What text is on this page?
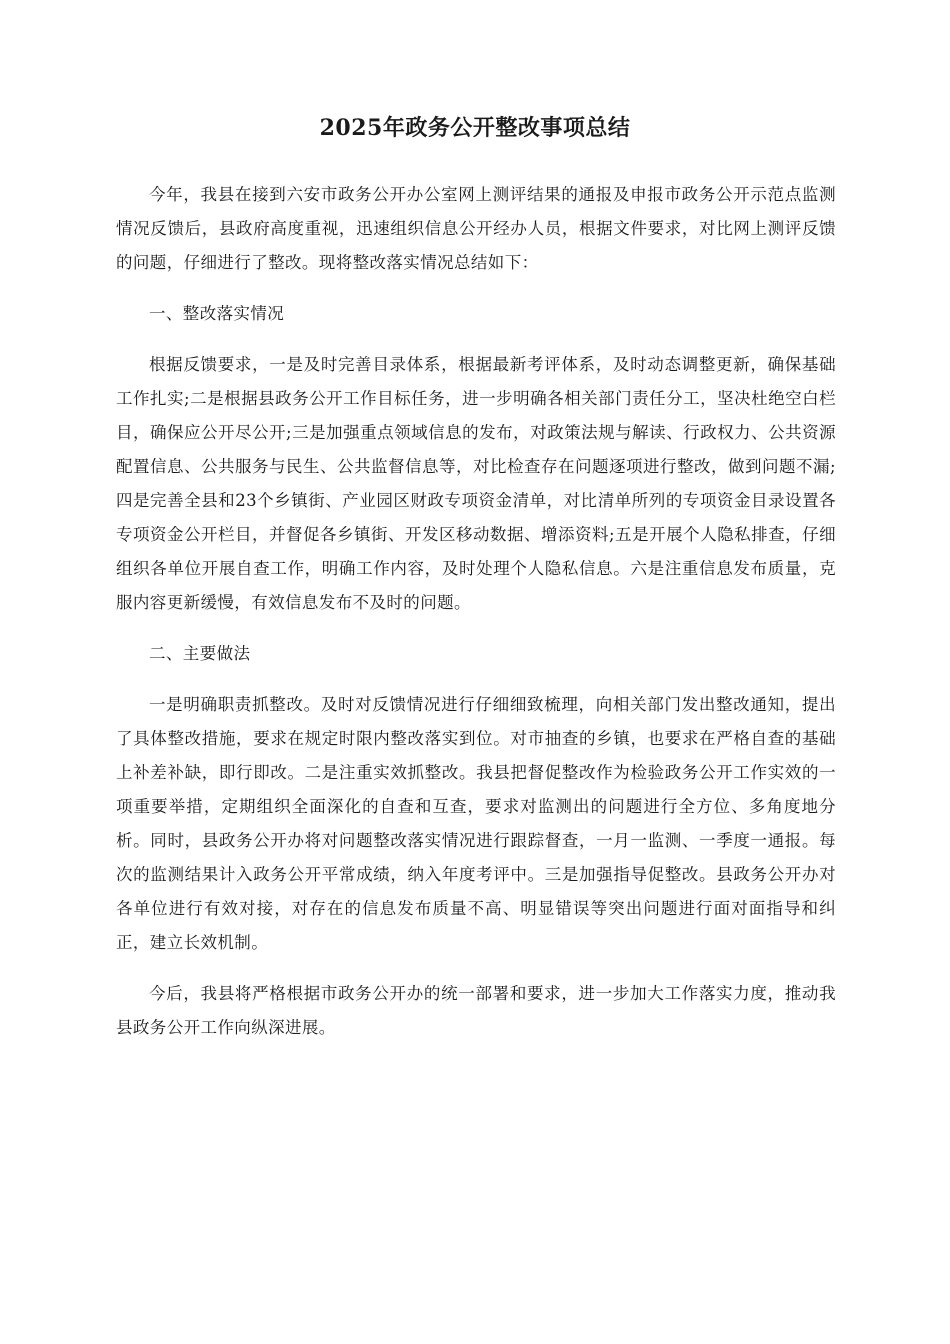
2025年政务公开整改事项总结

今年，我县在接到六安市政务公开办公室网上测评结果的通报及申报市政务公开示范点监测情况反馈后，县政府高度重视，迅速组织信息公开经办人员，根据文件要求，对比网上测评反馈的问题，仔细进行了整改。现将整改落实情况总结如下：

一、整改落实情况

根据反馈要求，一是及时完善目录体系，根据最新考评体系，及时动态调整更新，确保基础工作扎实;二是根据县政务公开工作目标任务，进一步明确各相关部门责任分工，坚决杜绝空白栏目，确保应公开尽公开;三是加强重点领域信息的发布，对政策法规与解读、行政权力、公共资源配置信息、公共服务与民生、公共监督信息等，对比检查存在问题逐项进行整改，做到问题不漏;四是完善全县和23个乡镇街、产业园区财政专项资金清单，对比清单所列的专项资金目录设置各专项资金公开栏目，并督促各乡镇街、开发区移动数据、增添资料;五是开展个人隐私排查，仔细组织各单位开展自查工作，明确工作内容，及时处理个人隐私信息。六是注重信息发布质量，克服内容更新缓慢，有效信息发布不及时的问题。

二、主要做法

一是明确职责抓整改。及时对反馈情况进行仔细细致梳理，向相关部门发出整改通知，提出了具体整改措施，要求在规定时限内整改落实到位。对市抽查的乡镇，也要求在严格自查的基础上补差补缺，即行即改。二是注重实效抓整改。我县把督促整改作为检验政务公开工作实效的一项重要举措，定期组织全面深化的自查和互查，要求对监测出的问题进行全方位、多角度地分析。同时，县政务公开办将对问题整改落实情况进行跟踪督查，一月一监测、一季度一通报。每次的监测结果计入政务公开平常成绩，纳入年度考评中。三是加强指导促整改。县政务公开办对各单位进行有效对接，对存在的信息发布质量不高、明显错误等突出问题进行面对面指导和纠正，建立长效机制。

今后，我县将严格根据市政务公开办的统一部署和要求，进一步加大工作落实力度，推动我县政务公开工作向纵深进展。
